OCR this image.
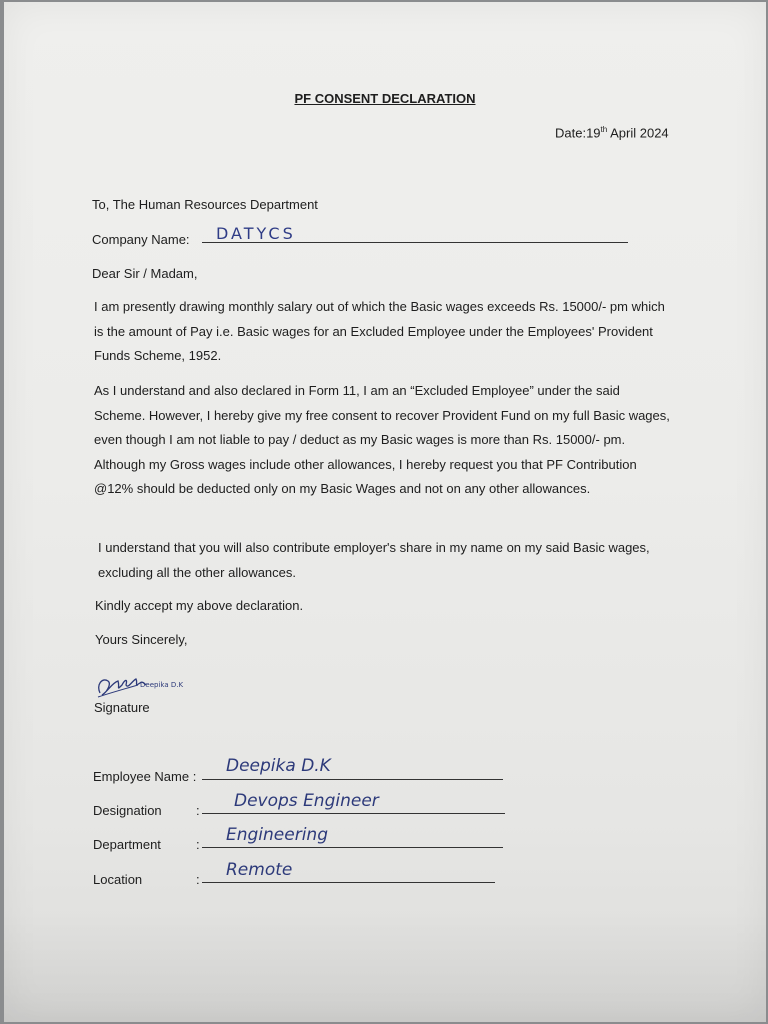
PF CONSENT DECLARATION
Date:19th April 2024
To, The Human Resources Department
Company Name: DATYCS
Dear Sir / Madam,
I am presently drawing monthly salary out of which the Basic wages exceeds Rs. 15000/- pm which is the amount of Pay i.e. Basic wages for an Excluded Employee under the Employees' Provident Funds Scheme, 1952.
As I understand and also declared in Form 11, I am an “Excluded Employee” under the said Scheme. However, I hereby give my free consent to recover Provident Fund on my full Basic wages, even though I am not liable to pay / deduct as my Basic wages is more than Rs. 15000/- pm. Although my Gross wages include other allowances, I hereby request you that PF Contribution @12% should be deducted only on my Basic Wages and not on any other allowances.
I understand that you will also contribute employer's share in my name on my said Basic wages, excluding all the other allowances.
Kindly accept my above declaration.
Yours Sincerely,
Deepika D.K
Signature
Employee Name :
Deepika D.K
Designation	: Devops Engineer
Department	: Engineering
Location	: Remote
